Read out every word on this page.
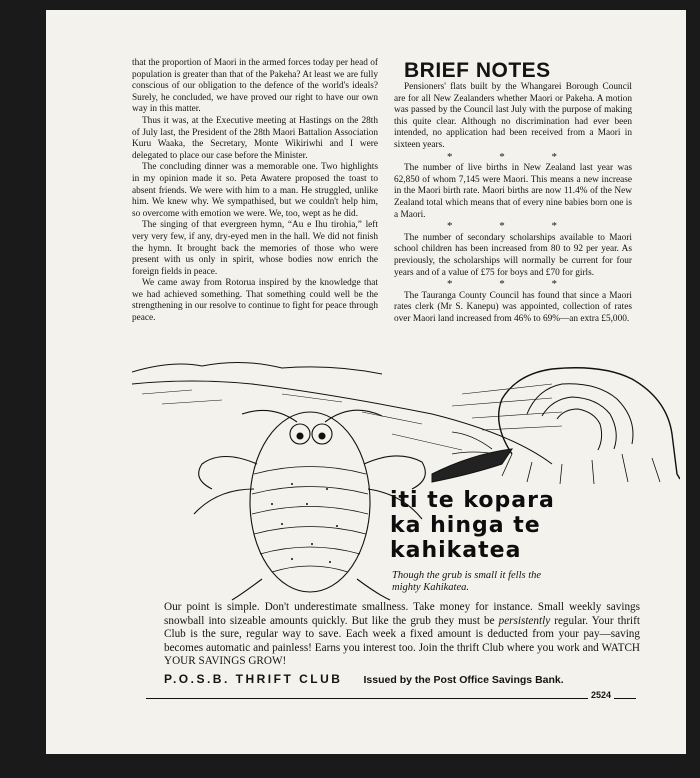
that the proportion of Maori in the armed forces today per head of population is greater than that of the Pakeha? At least we are fully conscious of our obligation to the defence of the world's ideals? Surely, he concluded, we have proved our right to have our own way in this matter.

Thus it was, at the Executive meeting at Hastings on the 28th of July last, the President of the 28th Maori Battalion Association Kuru Waaka, the Secretary, Monte Wikiriwhi and I were delegated to place our case before the Minister.

The concluding dinner was a memorable one. Two highlights in my opinion made it so. Peta Awatere proposed the toast to absent friends. We were with him to a man. He struggled, unlike him. We knew why. We sympathised, but we couldn't help him, so overcome with emotion we were. We, too, wept as he did.

The singing of that evergreen hymn, “Au e Ihu tirohia,” left very very few, if any, dry-eyed men in the hall. We did not finish the hymn. It brought back the memories of those who were present with us only in spirit, whose bodies now enrich the foreign fields in peace.

We came away from Rotorua inspired by the knowledge that we had achieved something. That something could well be the strengthening in our resolve to continue to fight for peace through peace.

BRIEF NOTES

Pensioners' flats built by the Whangarei Borough Council are for all New Zealanders whether Maori or Pakeha. A motion was passed by the Council last July with the purpose of making this quite clear. Although no discrimination had ever been intended, no application had been received from a Maori in sixteen years.

* * *

The number of live births in New Zealand last year was 62,850 of whom 7,145 were Maori. This means a new increase in the Maori birth rate. Maori births are now 11.4% of the New Zealand total which means that of every nine babies born one is a Maori.

* * *

The number of secondary scholarships available to Maori school children has been increased from 80 to 92 per year. As previously, the scholarships will normally be current for four years and of a value of £75 for boys and £70 for girls.

* * *

The Tauranga County Council has found that since a Maori rates clerk (Mr S. Kanepu) was appointed, collection of rates over Maori land increased from 46% to 69%—an extra £5,000.

iti te kopara
ka hinga te
kahikatea
Though the grub is small it fells the
mighty Kahikatea.
Our point is simple. Don't underestimate smallness. Take money for instance. Small weekly savings snowball into sizeable amounts quickly. But like the grub they must be persistently regular. Your thrift Club is the sure, regular way to save. Each week a fixed amount is deducted from your pay—saving becomes automatic and painless! Earns you interest too. Join the thrift Club where you work and WATCH YOUR SAVINGS GROW!
P.O.S.B. THRIFT CLUB Issued by the Post Office Savings Bank.
2524
